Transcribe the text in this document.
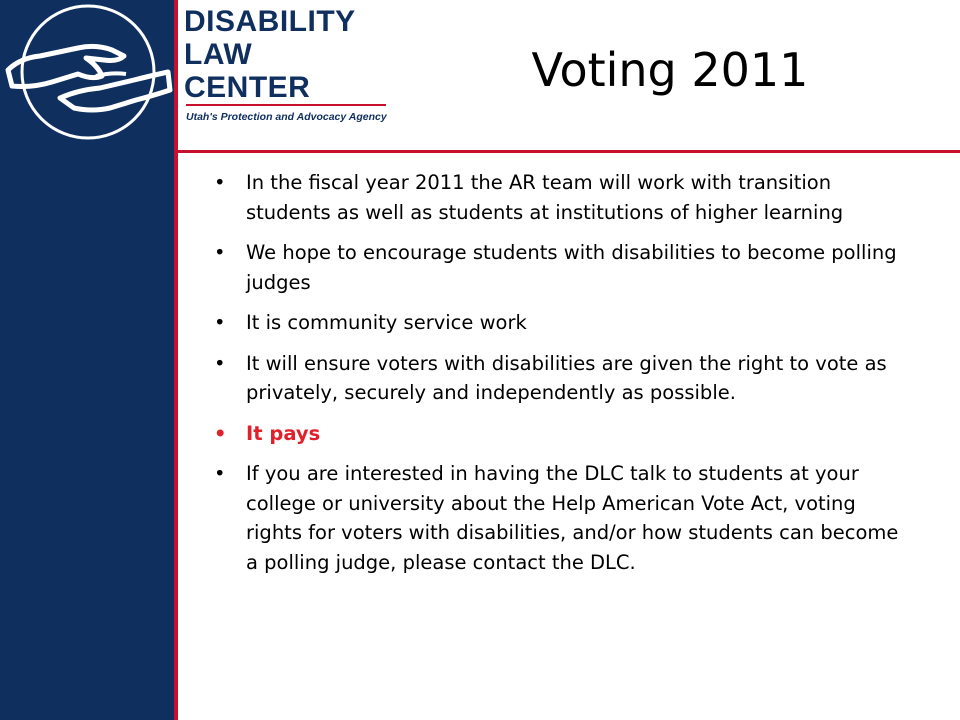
DISABILITY
LAW
CENTER
Utah's Protection and Advocacy Agency
Voting 2011
• In the fiscal year 2011 the AR team will work with transition students as well as students at institutions of higher learning
• We hope to encourage students with disabilities to become polling judges
• It is community service work
• It will ensure voters with disabilities are given the right to vote as privately, securely and independently as possible.
• It pays
• If you are interested in having the DLC talk to students at your college or university about the Help American Vote Act, voting rights for voters with disabilities, and/or how students can become a polling judge, please contact the DLC.
